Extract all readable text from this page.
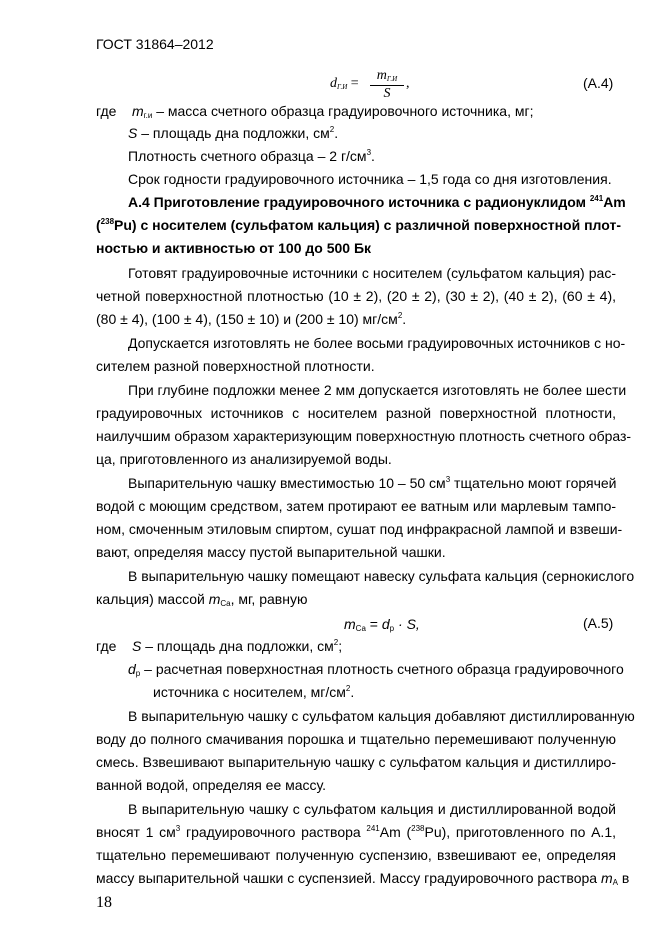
ГОСТ 31864–2012
$d_{Г.И}$ =
$m_{Г.И}$
S
,	(А.4)
где $m_{г.и}$ – масса счетного образца градуировочного источника, мг;
S – площадь дна подложки, $см^2$.
Плотность счетного образца – 2 $г/см^3$.
Срок годности градуировочного источника – 1,5 года со дня изготовления.
А.4 Приготовление градуировочного источника с радионуклидом $^{241}$Am
($^{238}$Pu) с носителем (сульфатом кальция) с различной поверхностной плот-
ностью и активностью от 100 до 500 Бк
Готовят градуировочные источники с носителем (сульфатом кальция) рас-
четной поверхностной плотностью (10 ± 2), (20 ± 2), (30 ± 2), (40 ± 2), (60 ± 4),
(80 ± 4), (100 ± 4), (150 ± 10) и (200 ± 10) $мг/см^2$.
Допускается изготовлять не более восьми градуировочных источников с но-
сителем разной поверхностной плотности.
При глубине подложки менее 2 мм допускается изготовлять не более шести
градуировочных источников с носителем разной поверхностной плотности,
наилучшим образом характеризующим поверхностную плотность счетного образ-
ца, приготовленного из анализируемой воды.
Выпарительную чашку вместимостью 10 – 50 $см^3$ тщательно моют горячей
водой с моющим средством, затем протирают ее ватным или марлевым тампо-
ном, смоченным этиловым спиртом, сушат под инфракрасной лампой и взвеши-
вают, определяя массу пустой выпарительной чашки.
В выпарительную чашку помещают навеску сульфата кальция (сернокислого
кальция) массой $m_{Ca}$, мг, равную
$m_{Ca} = d_p \cdot S$,	(А.5)
где S – площадь дна подложки, $см^2$;
$d_p$ – расчетная поверхностная плотность счетного образца градуировочного
источника с носителем, $мг/см^2$.
В выпарительную чашку с сульфатом кальция добавляют дистиллированную
воду до полного смачивания порошка и тщательно перемешивают полученную
смесь. Взвешивают выпарительную чашку с сульфатом кальция и дистиллиро-
ванной водой, определяя ее массу.
В выпарительную чашку с сульфатом кальция и дистиллированной водой
вносят 1 $см^3$ градуировочного раствора $^{241}$Am ($^{238}$Pu), приготовленного по А.1,
тщательно перемешивают полученную суспензию, взвешивают ее, определяя
массу выпарительной чашки с суспензией. Массу градуировочного раствора $m_A$ в
18
